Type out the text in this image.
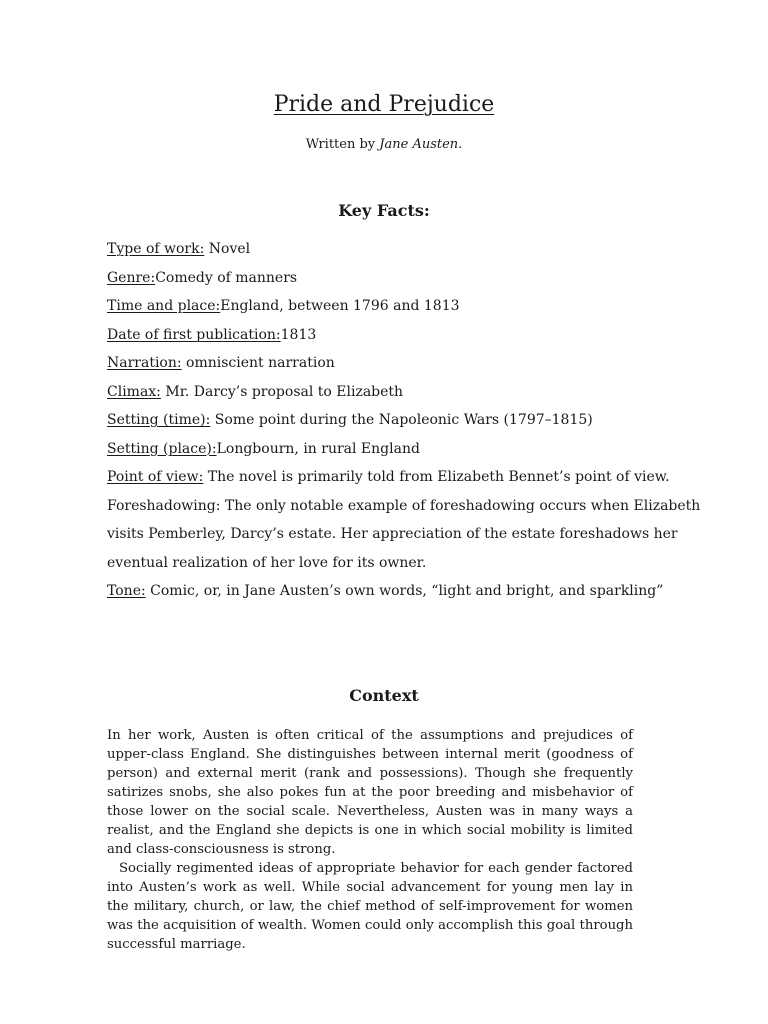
Pride and Prejudice
Written by Jane Austen.
Key Facts:
Type of work: Novel
Genre:Comedy of manners
Time and place:England, between 1796 and 1813
Date of first publication:1813
Narration: omniscient narration
Climax: Mr. Darcy’s proposal to Elizabeth
Setting (time): Some point during the Napoleonic Wars (1797–1815)
Setting (place):Longbourn, in rural England
Point of view: The novel is primarily told from Elizabeth Bennet’s point of view.
Foreshadowing: The only notable example of foreshadowing occurs when Elizabeth
visits Pemberley, Darcy’s estate. Her appreciation of the estate foreshadows her
eventual realization of her love for its owner.
Tone: Comic, or, in Jane Austen’s own words, “light and bright, and sparkling”
Context

In her work, Austen is often critical of the assumptions and prejudices of upper-class England. She distinguishes between internal merit (goodness of person) and external merit (rank and possessions). Though she frequently satirizes snobs, she also pokes fun at the poor breeding and misbehavior of those lower on the social scale. Nevertheless, Austen was in many ways a realist, and the England she depicts is one in which social mobility is limited and class-consciousness is strong.

Socially regimented ideas of appropriate behavior for each gender factored into Austen’s work as well. While social advancement for young men lay in the military, church, or law, the chief method of self-improvement for women was the acquisition of wealth. Women could only accomplish this goal through successful marriage.
